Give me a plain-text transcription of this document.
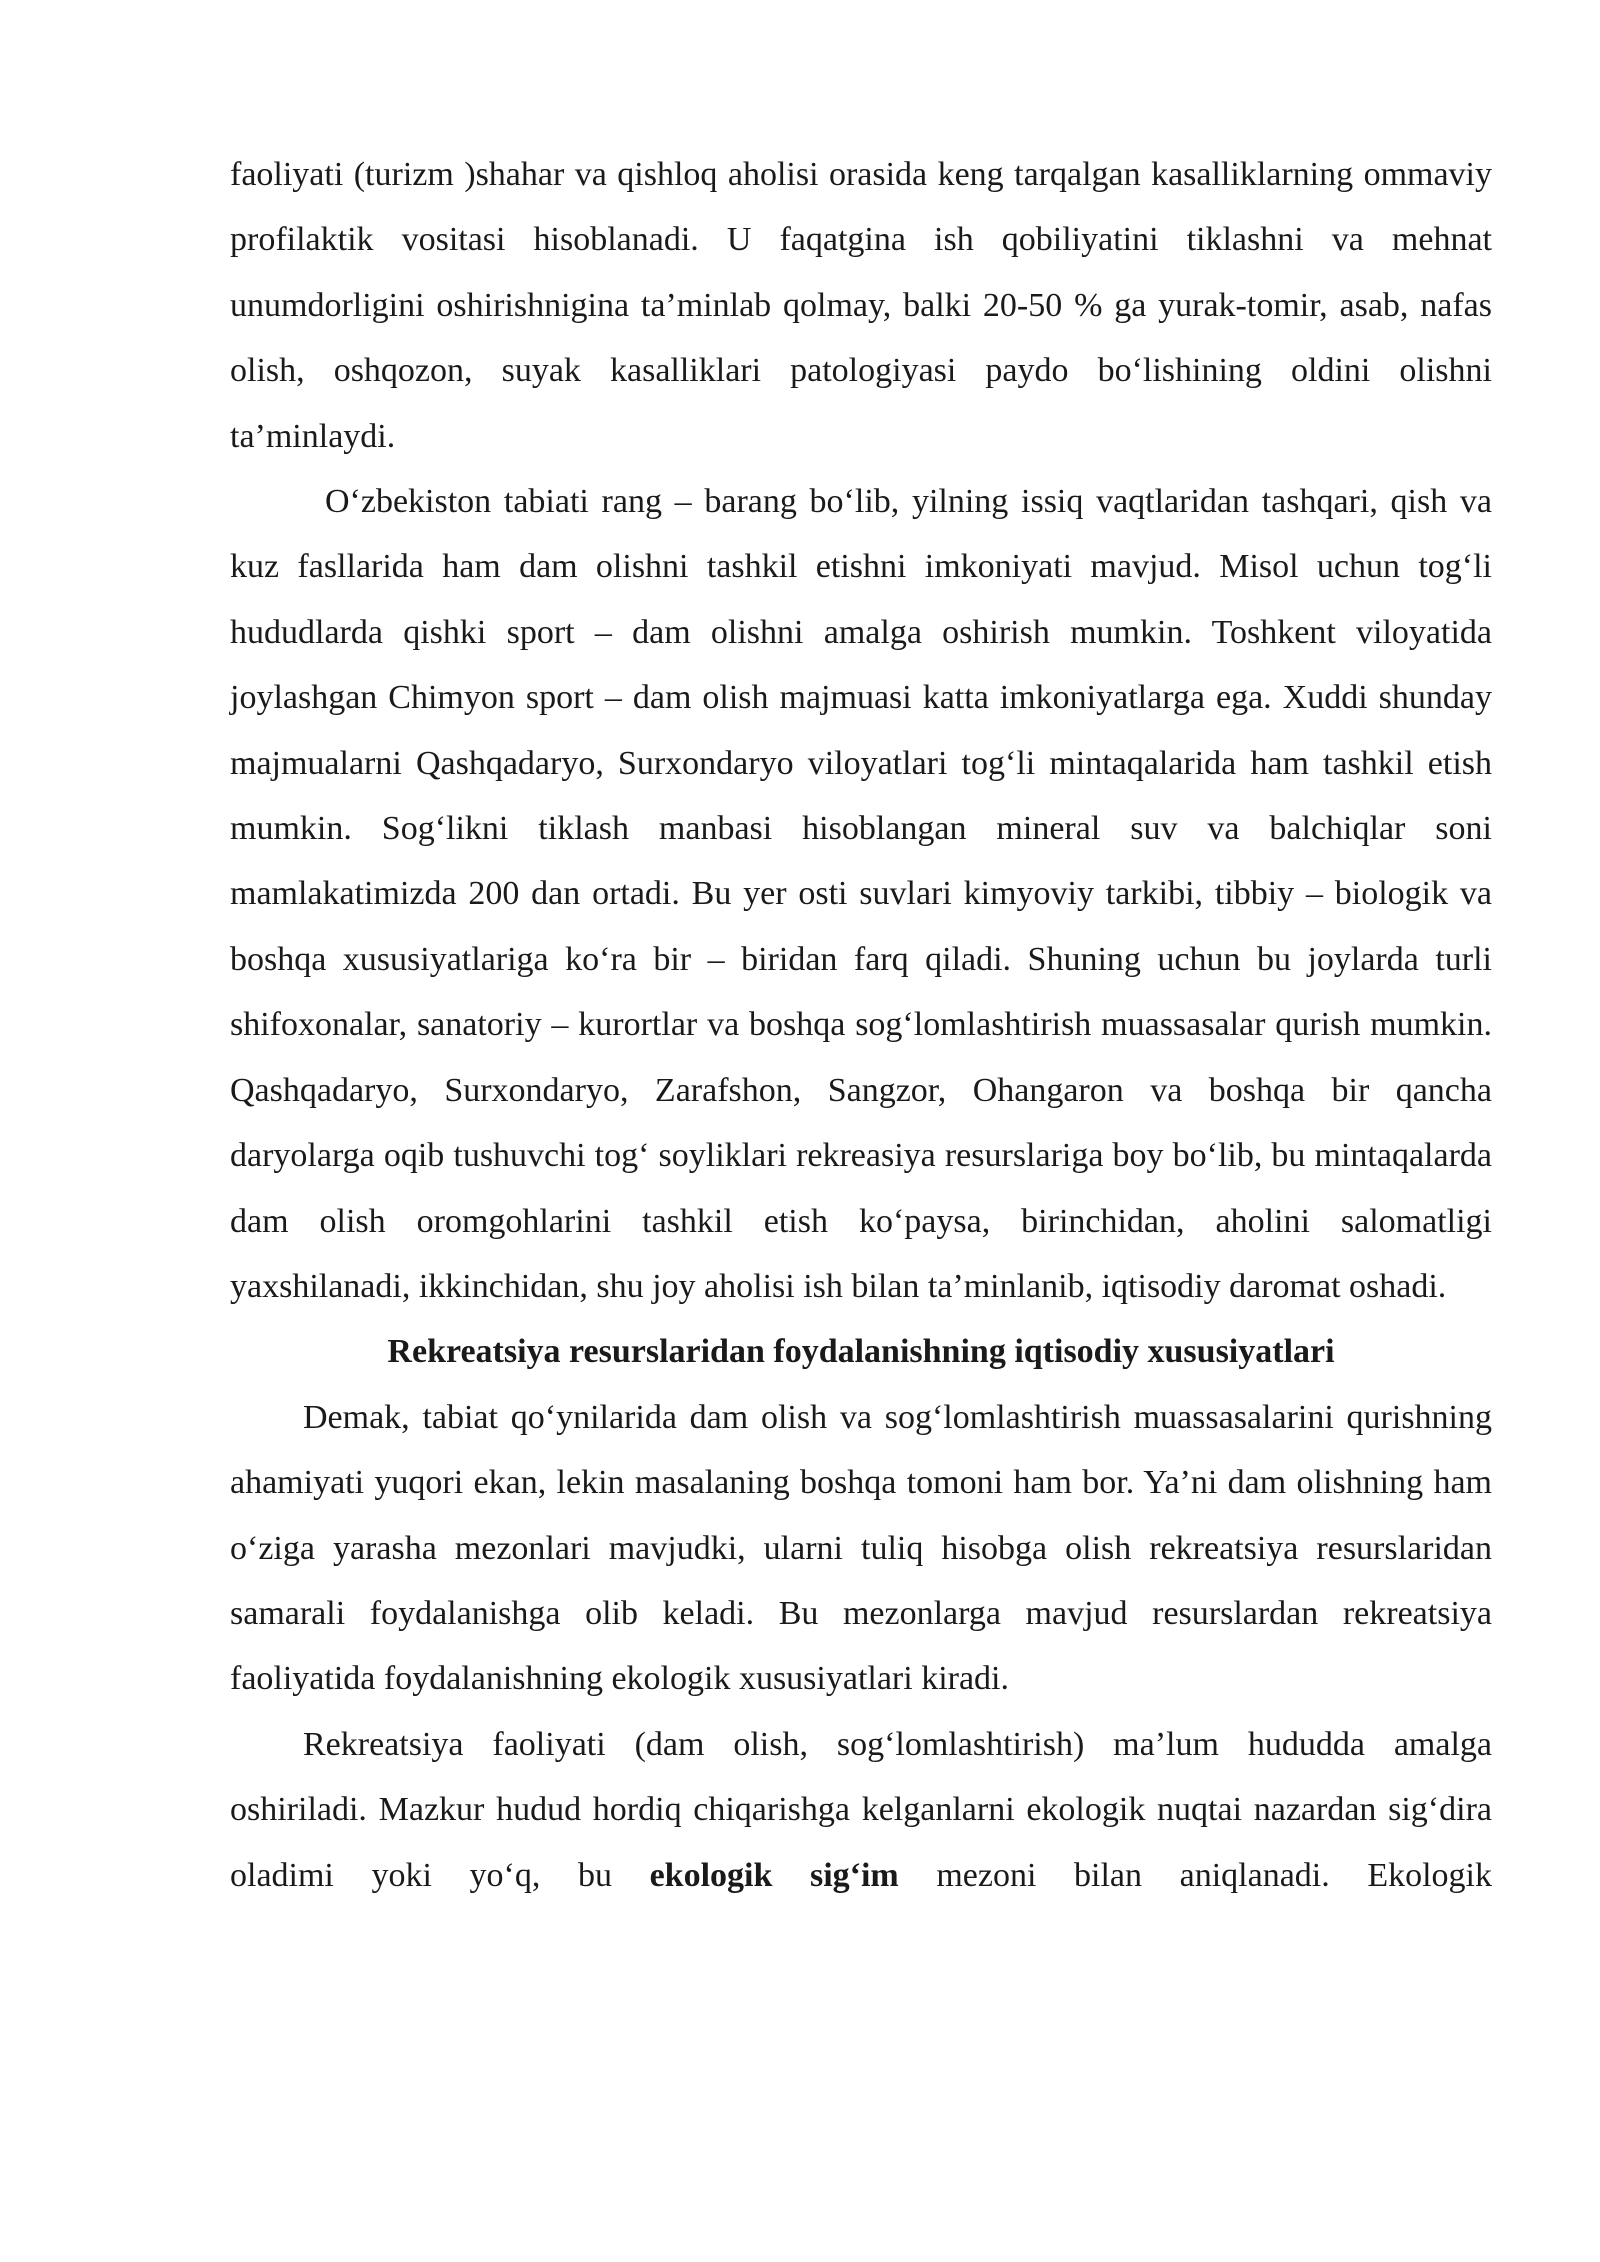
faoliyati (turizm )shahar va qishloq aholisi orasida keng tarqalgan kasalliklarning ommaviy profilaktik vositasi hisoblanadi. U faqatgina ish qobiliyatini tiklashni va mehnat unumdorligini oshirishnigina ta’minlab qolmay, balki 20-50 % ga yurak-tomir, asab, nafas olish, oshqozon, suyak kasalliklari patologiyasi paydo bo‘lishining oldini olishni ta’minlaydi.

O‘zbekiston tabiati rang – barang bo‘lib, yilning issiq vaqtlaridan tashqari, qish va kuz fasllarida ham dam olishni tashkil etishni imkoniyati mavjud. Misol uchun tog‘li hududlarda qishki sport – dam olishni amalga oshirish mumkin. Toshkent viloyatida joylashgan Chimyon sport – dam olish majmuasi katta imkoniyatlarga ega. Xuddi shunday majmualarni Qashqadaryo, Surxondaryo viloyatlari tog‘li mintaqalarida ham tashkil etish mumkin. Sog‘likni tiklash manbasi hisoblangan mineral suv va balchiqlar soni mamlakatimizda 200 dan ortadi. Bu yer osti suvlari kimyoviy tarkibi, tibbiy – biologik va boshqa xususiyatlariga ko‘ra bir – biridan farq qiladi. Shuning uchun bu joylarda turli shifoxonalar, sanatoriy – kurortlar va boshqa sog‘lomlashtirish muassasalar qurish mumkin. Qashqadaryo, Surxondaryo, Zarafshon, Sangzor, Ohangaron va boshqa bir qancha daryolarga oqib tushuvchi tog‘ soyliklari rekreasiya resurslariga boy bo‘lib, bu mintaqalarda dam olish oromgohlarini tashkil etish ko‘paysa, birinchidan, aholini salomatligi yaxshilanadi, ikkinchidan, shu joy aholisi ish bilan ta’minlanib, iqtisodiy daromat oshadi.

Rekreatsiya resurslaridan foydalanishning iqtisodiy xususiyatlari

Demak, tabiat qo‘ynilarida dam olish va sog‘lomlashtirish muassasalarini qurishning ahamiyati yuqori ekan, lekin masalaning boshqa tomoni ham bor. Ya’ni dam olishning ham o‘ziga yarasha mezonlari mavjudki, ularni tuliq hisobga olish rekreatsiya resurslaridan samarali foydalanishga olib keladi. Bu mezonlarga mavjud resurslardan rekreatsiya faoliyatida foydalanishning ekologik xususiyatlari kiradi.

Rekreatsiya faoliyati (dam olish, sog‘lomlashtirish) ma’lum hududda amalga oshiriladi. Mazkur hudud hordiq chiqarishga kelganlarni ekologik nuqtai nazardan sig‘dira oladimi yoki yo‘q, bu ekologik sig‘im mezoni bilan aniqlanadi. Ekologik
